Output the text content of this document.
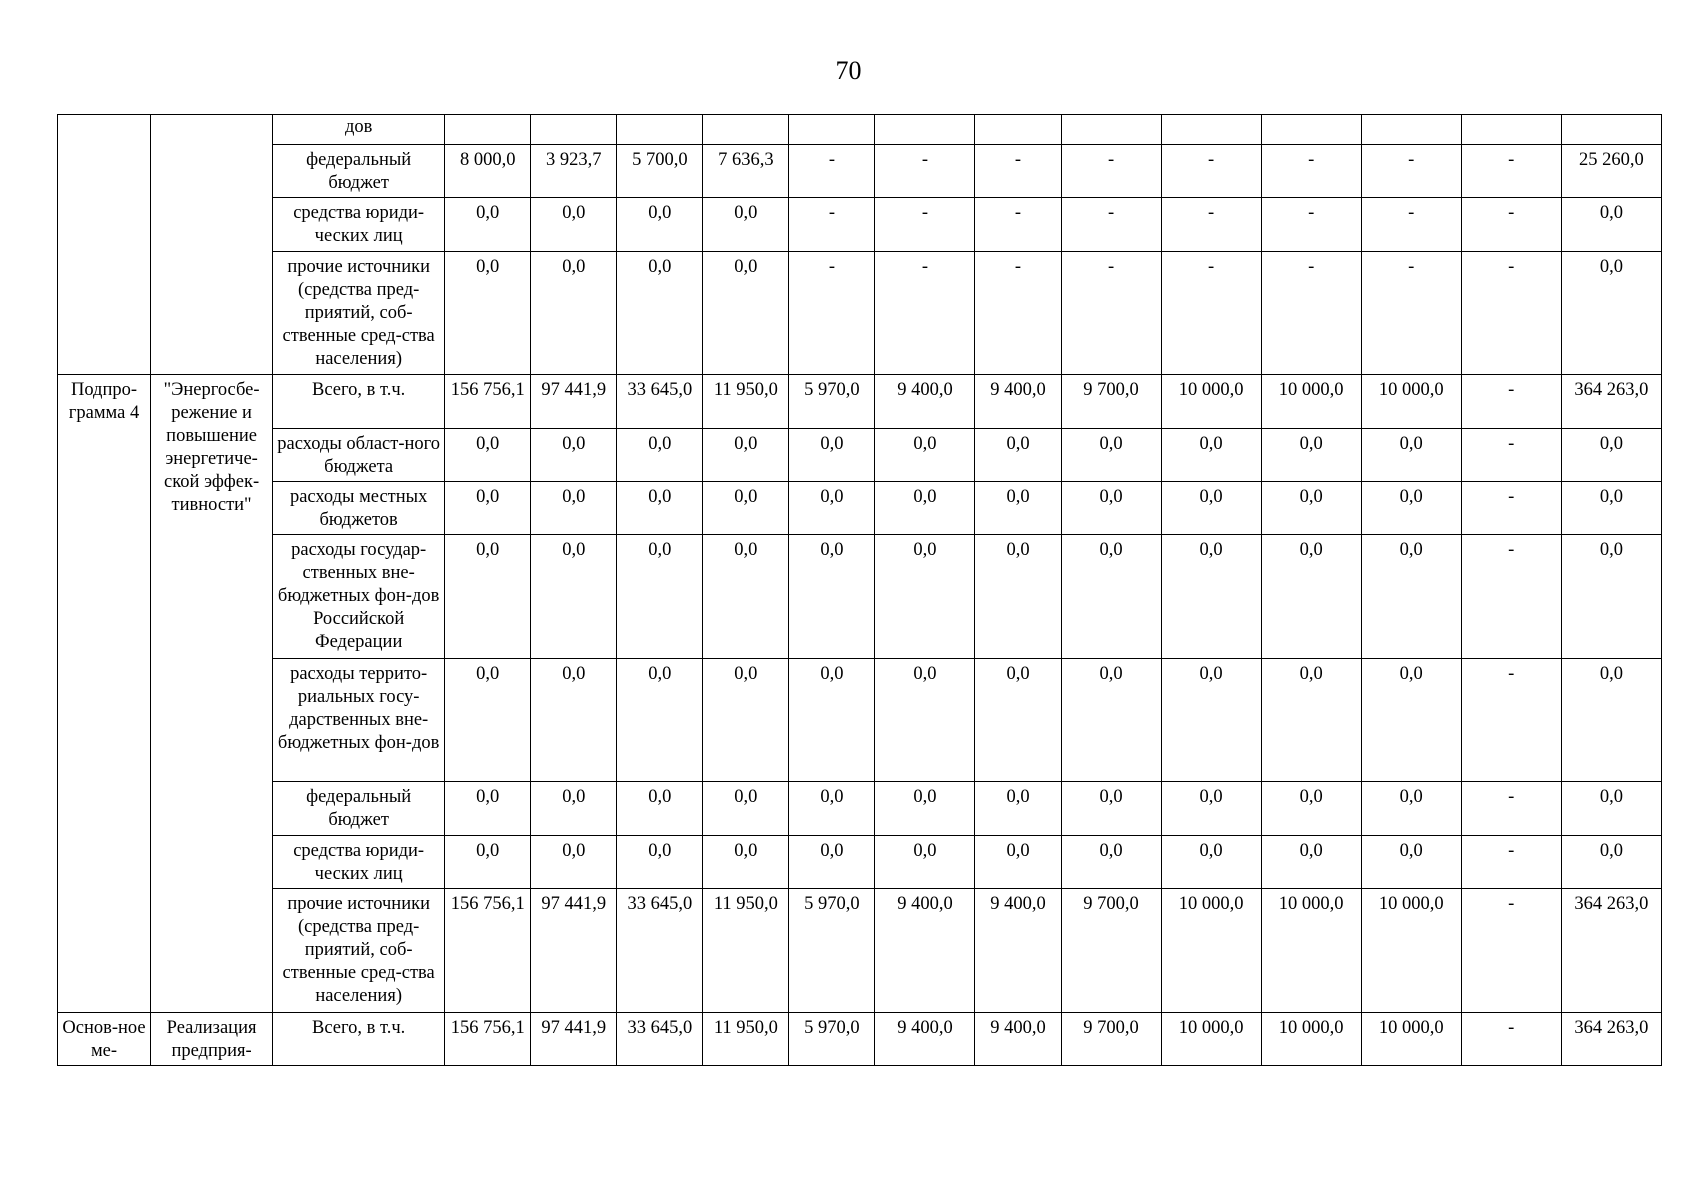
70
		дов													
		федеральный бюджет	8 000,0	3 923,7	5 700,0	7 636,3	-	-	-	-	-	-	-	-	25 260,0
		средства юриди-ческих лиц	0,0	0,0	0,0	0,0	-	-	-	-	-	-	-	-	0,0
		прочие источники (средства пред-приятий, соб-ственные сред-ства населения)	0,0	0,0	0,0	0,0	-	-	-	-	-	-	-	-	0,0
Подпро-грамма 4	"Энергосбе-режение и повышение энергетиче-ской эффек-тивности"	Всего, в т.ч.	156 756,1	97 441,9	33 645,0	11 950,0	5 970,0	9 400,0	9 400,0	9 700,0	10 000,0	10 000,0	10 000,0	-	364 263,0
		расходы област-ного бюджета	0,0	0,0	0,0	0,0	0,0	0,0	0,0	0,0	0,0	0,0	0,0	-	0,0
		расходы местных бюджетов	0,0	0,0	0,0	0,0	0,0	0,0	0,0	0,0	0,0	0,0	0,0	-	0,0
		расходы государ-ственных вне-бюджетных фон-дов Российской Федерации	0,0	0,0	0,0	0,0	0,0	0,0	0,0	0,0	0,0	0,0	0,0	-	0,0
		расходы террито-риальных госу-дарственных вне-бюджетных фон-дов	0,0	0,0	0,0	0,0	0,0	0,0	0,0	0,0	0,0	0,0	0,0	-	0,0
		федеральный бюджет	0,0	0,0	0,0	0,0	0,0	0,0	0,0	0,0	0,0	0,0	0,0	-	0,0
		средства юриди-ческих лиц	0,0	0,0	0,0	0,0	0,0	0,0	0,0	0,0	0,0	0,0	0,0	-	0,0
		прочие источники (средства пред-приятий, соб-ственные сред-ства населения)	156 756,1	97 441,9	33 645,0	11 950,0	5 970,0	9 400,0	9 400,0	9 700,0	10 000,0	10 000,0	10 000,0	-	364 263,0
Основ-ное ме-	Реализация предприя-	Всего, в т.ч.	156 756,1	97 441,9	33 645,0	11 950,0	5 970,0	9 400,0	9 400,0	9 700,0	10 000,0	10 000,0	10 000,0	-	364 263,0
